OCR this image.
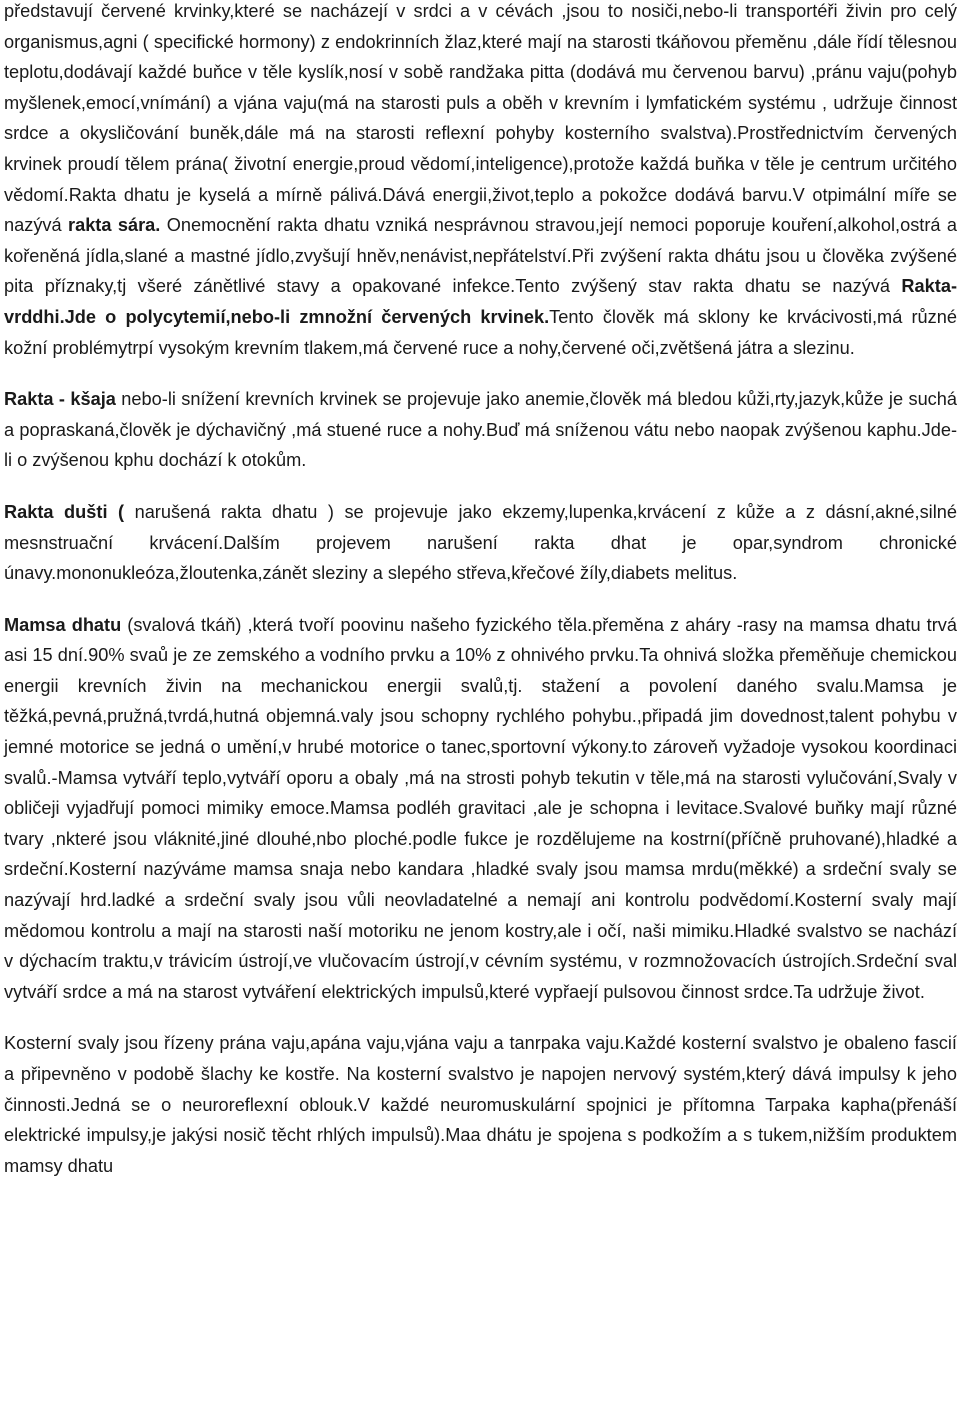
představují červené krvinky,které se nacházejí v srdci a v cévách ,jsou to nosiči,nebo-li transportéři živin pro celý organismus,agni ( specifické hormony) z endokrinních žlaz,které mají na starosti tkáňovou přeměnu ,dále řídí tělesnou teplotu,dodávají každé buňce v těle kyslík,nosí v sobě randžaka pitta (dodává mu červenou barvu) ,pránu vaju(pohyb myšlenek,emocí,vnímání) a vjána vaju(má na starosti puls a oběh v krevním i lymfatickém systému , udržuje činnost srdce a okysličování buněk,dále má na starosti reflexní pohyby kosterního svalstva).Prostřednictvím červených krvinek proudí tělem prána( životní energie,proud vědomí,inteligence),protože každá buňka v těle je centrum určitého vědomí.Rakta dhatu je kyselá a mírně pálivá.Dává energii,život,teplo a pokožce dodává barvu.V otpimální míře se nazývá rakta sára. Onemocnění rakta dhatu vzniká nesprávnou stravou,její nemoci poporuje kouření,alkohol,ostrá a kořeněná jídla,slané a mastné jídlo,zvyšují hněv,nenávist,nepřátelství.Při zvýšení rakta dhátu jsou u člověka zvýšené pita příznaky,tj všeré zánětlivé stavy a opakované infekce.Tento zvýšený stav rakta dhatu se nazývá Rakta- vrddhi.Jde o polycytemií,nebo-li zmnožní červených krvinek.Tento člověk má sklony ke krvácivosti,má různé kožní problémytrpí vysokým krevním tlakem,má červené ruce a nohy,červené oči,zvětšená játra a slezinu.

Rakta - kšaja nebo-li snížení krevních krvinek se projevuje jako anemie,člověk má bledou kůži,rty,jazyk,kůže je suchá a popraskaná,člověk je dýchavičný ,má stuené ruce a nohy.Buď má sníženou vátu nebo naopak zvýšenou kaphu.Jde-li o zvýšenou kphu dochází k otokům.

Rakta dušti ( narušená rakta dhatu ) se projevuje jako ekzemy,lupenka,krvácení z kůže a z dásní,akné,silné mesnstruační krvácení.Dalším projevem narušení rakta dhat je opar,syndrom chronické únavy.mononukleóza,žloutenka,zánět sleziny a slepého střeva,křečové žíly,diabets melitus.

Mamsa dhatu (svalová tkáň) ,která tvoří poovinu našeho fyzického těla.přeměna z aháry -rasy na mamsa dhatu trvá asi 15 dní.90% svaů je ze zemského a vodního prvku a 10% z ohnivého prvku.Ta ohnivá složka přeměňuje chemickou energii krevních živin na mechanickou energii svalů,tj. stažení a povolení daného svalu.Mamsa je těžká,pevná,pružná,tvrdá,hutná objemná.valy jsou schopny rychlého pohybu.,připadá jim dovednost,talent pohybu v jemné motorice se jedná o umění,v hrubé motorice o tanec,sportovní výkony.to zároveň vyžadoje vysokou koordinaci svalů.-Mamsa vytváří teplo,vytváří oporu a obaly ,má na strosti pohyb tekutin v těle,má na starosti vylučování,Svaly v obličeji vyjadřují pomoci mimiky emoce.Mamsa podléh gravitaci ,ale je schopna i levitace.Svalové buňky mají různé tvary ,nkteré jsou vláknité,jiné dlouhé,nbo ploché.podle fukce je rozdělujeme na kostrní(příčně pruhované),hladké a srdeční.Kosterní nazýváme mamsa snaja nebo kandara ,hladké svaly jsou mamsa mrdu(měkké) a srdeční svaly se nazývají hrd.ladké a srdeční svaly jsou vůli neovladatelné a nemají ani kontrolu podvědomí.Kosterní svaly mají mědomou kontrolu a mají na starosti naší motoriku ne jenom kostry,ale i očí, naši mimiku.Hladké svalstvo se nachází v dýchacím traktu,v trávicím ústrojí,ve vlučovacím ústrojí,v cévním systému, v rozmnožovacích ústrojích.Srdeční sval vytváří srdce a má na starost vytváření elektrických impulsů,které vypřaejí pulsovou činnost srdce.Ta udržuje život.

Kosterní svaly jsou řízeny prána vaju,apána vaju,vjána vaju a tanrpaka vaju.Každé kosterní svalstvo je obaleno fascií a připevněno v podobě šlachy ke kostře. Na kosterní svalstvo je napojen nervový systém,který dává impulsy k jeho činnosti.Jedná se o neuroreflexní oblouk.V každé neuromuskulární spojnici je přítomna Tarpaka kapha(přenáší elektrické impulsy,je jakýsi nosič těcht rhlých impulsů).Maa dhátu je spojena s podkožím a s tukem,nižším produktem mamsy dhatu
